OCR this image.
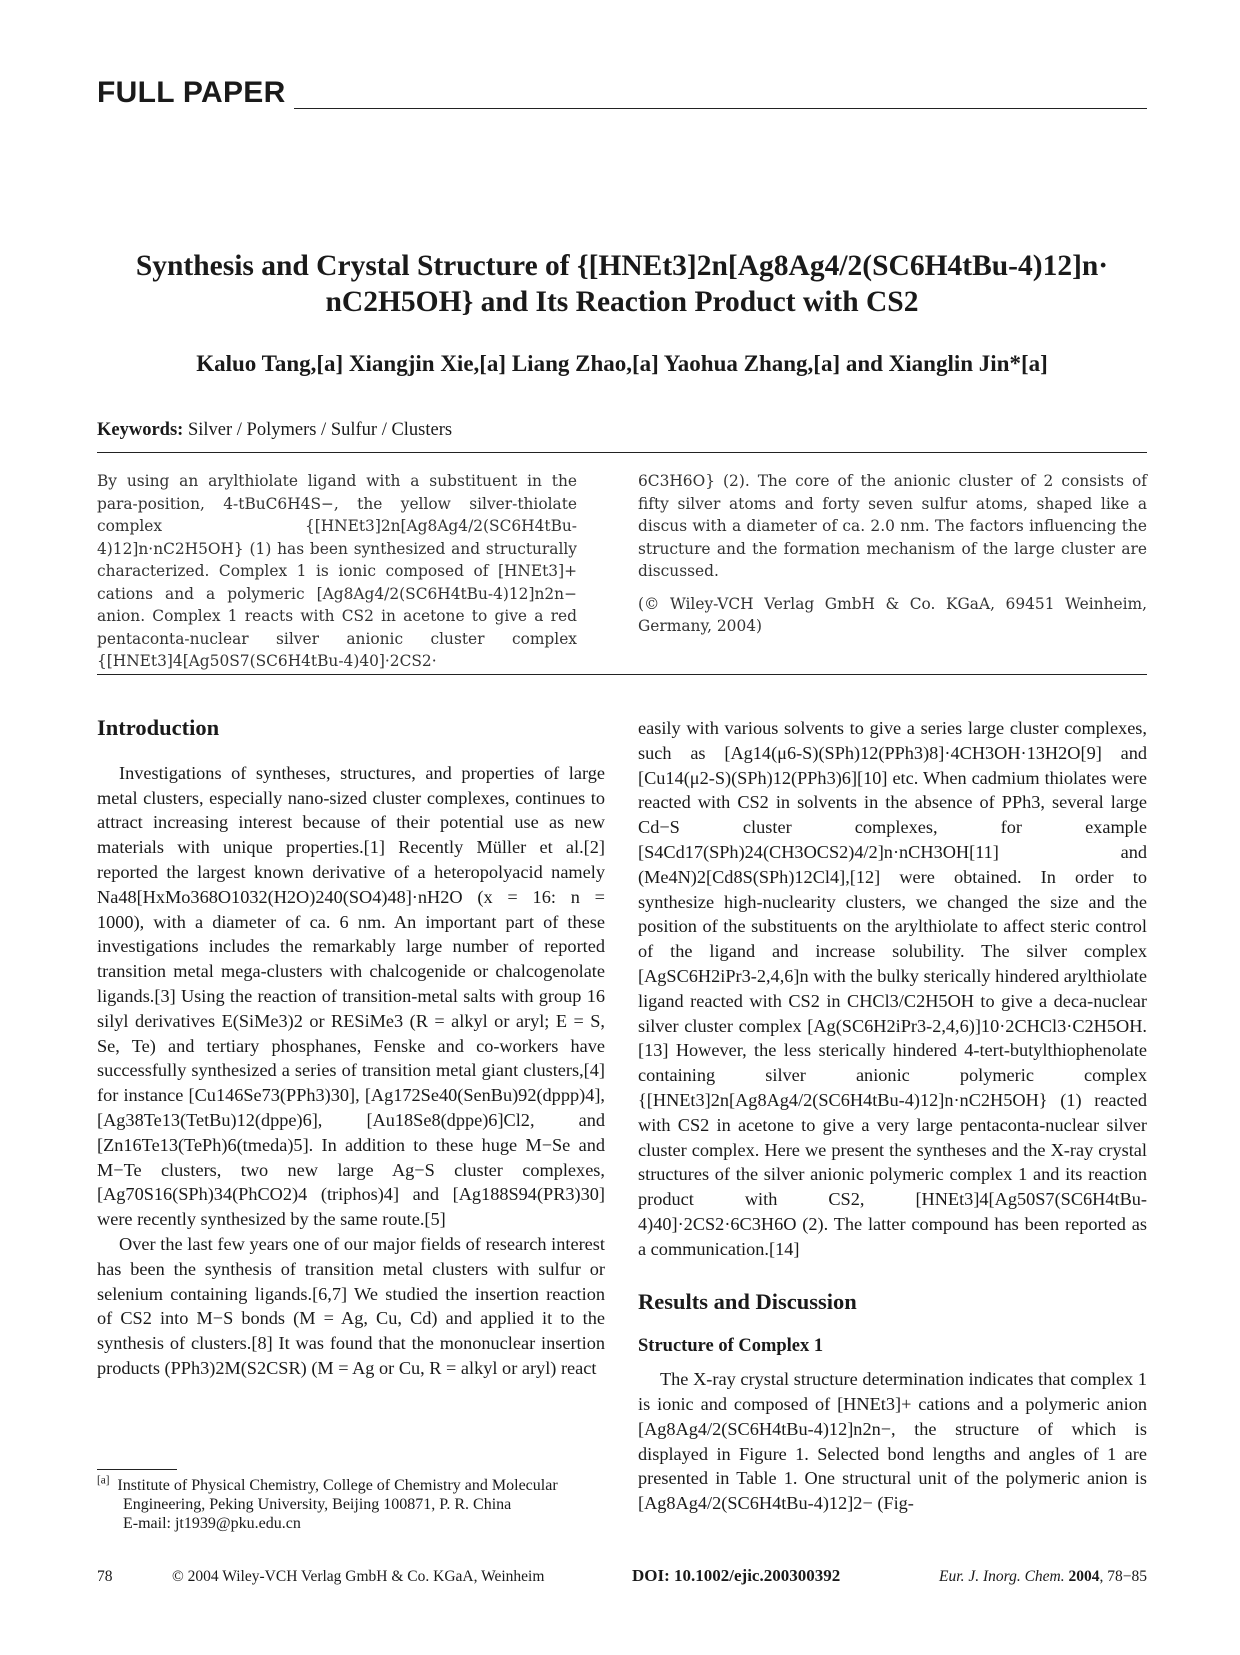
FULL PAPER
Synthesis and Crystal Structure of {[HNEt3]2n[Ag8Ag4/2(SC6H4tBu-4)12]n·
nC2H5OH} and Its Reaction Product with CS2
Kaluo Tang,[a] Xiangjin Xie,[a] Liang Zhao,[a] Yaohua Zhang,[a] and Xianglin Jin*[a]
Keywords: Silver / Polymers / Sulfur / Clusters

By using an arylthiolate ligand with a substituent in the para-position, 4-tBuC6H4S−, the yellow silver-thiolate complex {[HNEt3]2n[Ag8Ag4/2(SC6H4tBu-4)12]n·nC2H5OH} (1) has been synthesized and structurally characterized. Complex 1 is ionic composed of [HNEt3]+ cations and a polymeric [Ag8Ag4/2(SC6H4tBu-4)12]n2n− anion. Complex 1 reacts with CS2 in acetone to give a red pentaconta-nuclear silver anionic cluster complex {[HNEt3]4[Ag50S7(SC6H4tBu-4)40]·2CS2·

6C3H6O} (2). The core of the anionic cluster of 2 consists of fifty silver atoms and forty seven sulfur atoms, shaped like a discus with a diameter of ca. 2.0 nm. The factors influencing the structure and the formation mechanism of the large cluster are discussed.

(© Wiley-VCH Verlag GmbH & Co. KGaA, 69451 Weinheim, Germany, 2004)

Introduction

Investigations of syntheses, structures, and properties of large metal clusters, especially nano-sized cluster complexes, continues to attract increasing interest because of their potential use as new materials with unique properties.[1] Recently Müller et al.[2] reported the largest known derivative of a heteropolyacid namely Na48[HxMo368O1032(H2O)240(SO4)48]·nH2O (x = 16: n = 1000), with a diameter of ca. 6 nm. An important part of these investigations includes the remarkably large number of reported transition metal mega-clusters with chalcogenide or chalcogenolate ligands.[3] Using the reaction of transition-metal salts with group 16 silyl derivatives E(SiMe3)2 or RESiMe3 (R = alkyl or aryl; E = S, Se, Te) and tertiary phosphanes, Fenske and co-workers have successfully synthesized a series of transition metal giant clusters,[4] for instance [Cu146Se73(PPh3)30], [Ag172Se40(SenBu)92(dppp)4], [Ag38Te13(TetBu)12(dppe)6], [Au18Se8(dppe)6]Cl2, and [Zn16Te13(TePh)6(tmeda)5]. In addition to these huge M−Se and M−Te clusters, two new large Ag−S cluster complexes, [Ag70S16(SPh)34(PhCO2)4 (triphos)4] and [Ag188S94(PR3)30] were recently synthesized by the same route.[5]

Over the last few years one of our major fields of research interest has been the synthesis of transition metal clusters with sulfur or selenium containing ligands.[6,7] We studied the insertion reaction of CS2 into M−S bonds (M = Ag, Cu, Cd) and applied it to the synthesis of clusters.[8] It was found that the mononuclear insertion products (PPh3)2M(S2CSR) (M = Ag or Cu, R = alkyl or aryl) react

easily with various solvents to give a series large cluster complexes, such as [Ag14(μ6-S)(SPh)12(PPh3)8]·4CH3OH·13H2O[9] and [Cu14(μ2-S)(SPh)12(PPh3)6][10] etc. When cadmium thiolates were reacted with CS2 in solvents in the absence of PPh3, several large Cd−S cluster complexes, for example [S4Cd17(SPh)24(CH3OCS2)4/2]n·nCH3OH[11] and (Me4N)2[Cd8S(SPh)12Cl4],[12] were obtained. In order to synthesize high-nuclearity clusters, we changed the size and the position of the substituents on the arylthiolate to affect steric control of the ligand and increase solubility. The silver complex [AgSC6H2iPr3-2,4,6]n with the bulky sterically hindered arylthiolate ligand reacted with CS2 in CHCl3/C2H5OH to give a deca-nuclear silver cluster complex [Ag(SC6H2iPr3-2,4,6)]10·2CHCl3·C2H5OH.[13] However, the less sterically hindered 4-tert-butylthiophenolate containing silver anionic polymeric complex {[HNEt3]2n[Ag8Ag4/2(SC6H4tBu-4)12]n·nC2H5OH} (1) reacted with CS2 in acetone to give a very large pentaconta-nuclear silver cluster complex. Here we present the syntheses and the X-ray crystal structures of the silver anionic polymeric complex 1 and its reaction product with CS2, [HNEt3]4[Ag50S7(SC6H4tBu-4)40]·2CS2·6C3H6O (2). The latter compound has been reported as a communication.[14]

Results and Discussion
Structure of Complex 1

The X-ray crystal structure determination indicates that complex 1 is ionic and composed of [HNEt3]+ cations and a polymeric anion [Ag8Ag4/2(SC6H4tBu-4)12]n2n−, the structure of which is displayed in Figure 1. Selected bond lengths and angles of 1 are presented in Table 1. One structural unit of the polymeric anion is [Ag8Ag4/2(SC6H4tBu-4)12]2− (Fig-

[a] Institute of Physical Chemistry, College of Chemistry and Molecular Engineering, Peking University, Beijing 100871, P. R. China
E-mail: jt1939@pku.edu.cn
78	© 2004 Wiley-VCH Verlag GmbH & Co. KGaA, Weinheim	DOI: 10.1002/ejic.200300392	Eur. J. Inorg. Chem. 2004, 78−85
